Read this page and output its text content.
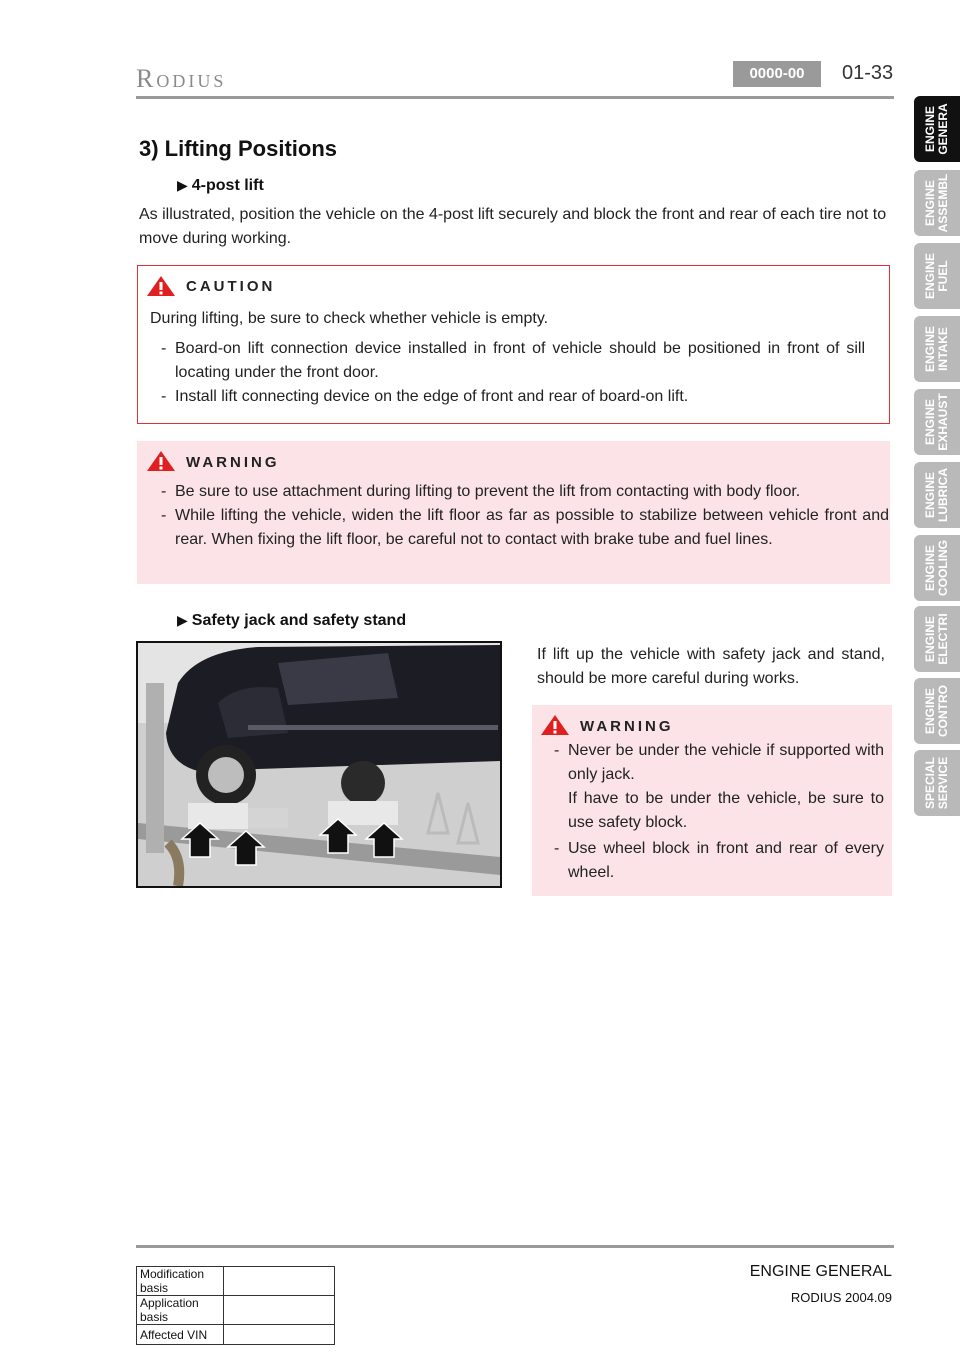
Rodius	0000-00	01-33
ENGINE
GENERA
ENGINE
ASSEMBL
ENGINE
FUEL
ENGINE
INTAKE
ENGINE
EXHAUST
ENGINE
LUBRICA
ENGINE
COOLING
ENGINE
ELECTRI
ENGINE
CONTRO
SPECIAL
SERVICE
3) Lifting Positions
▶ 4-post lift
As illustrated, position the vehicle on the 4-post lift securely and block the front and rear of each tire not to move during working.
CAUTION
During lifting, be sure to check whether vehicle is empty.
- Board-on lift connection device installed in front of vehicle should be positioned in front of sill locating under the front door.
- Install lift connecting device on the edge of front and rear of board-on lift.
WARNING
- Be sure to use attachment during lifting to prevent the lift from contacting with body floor.
- While lifting the vehicle, widen the lift floor as far as possible to stabilize between vehicle front and rear. When fixing the lift floor, be careful not to contact with brake tube and fuel lines.
▶ Safety jack and safety stand
If lift up the vehicle with safety jack and stand, should be more careful during works.
WARNING
- Never be under the vehicle if supported with only jack.
If have to be under the vehicle, be sure to use safety block.
- Use wheel block in front and rear of every wheel.
ENGINE GENERAL
RODIUS 2004.09
Modification basis	
Application basis	
Affected VIN	
